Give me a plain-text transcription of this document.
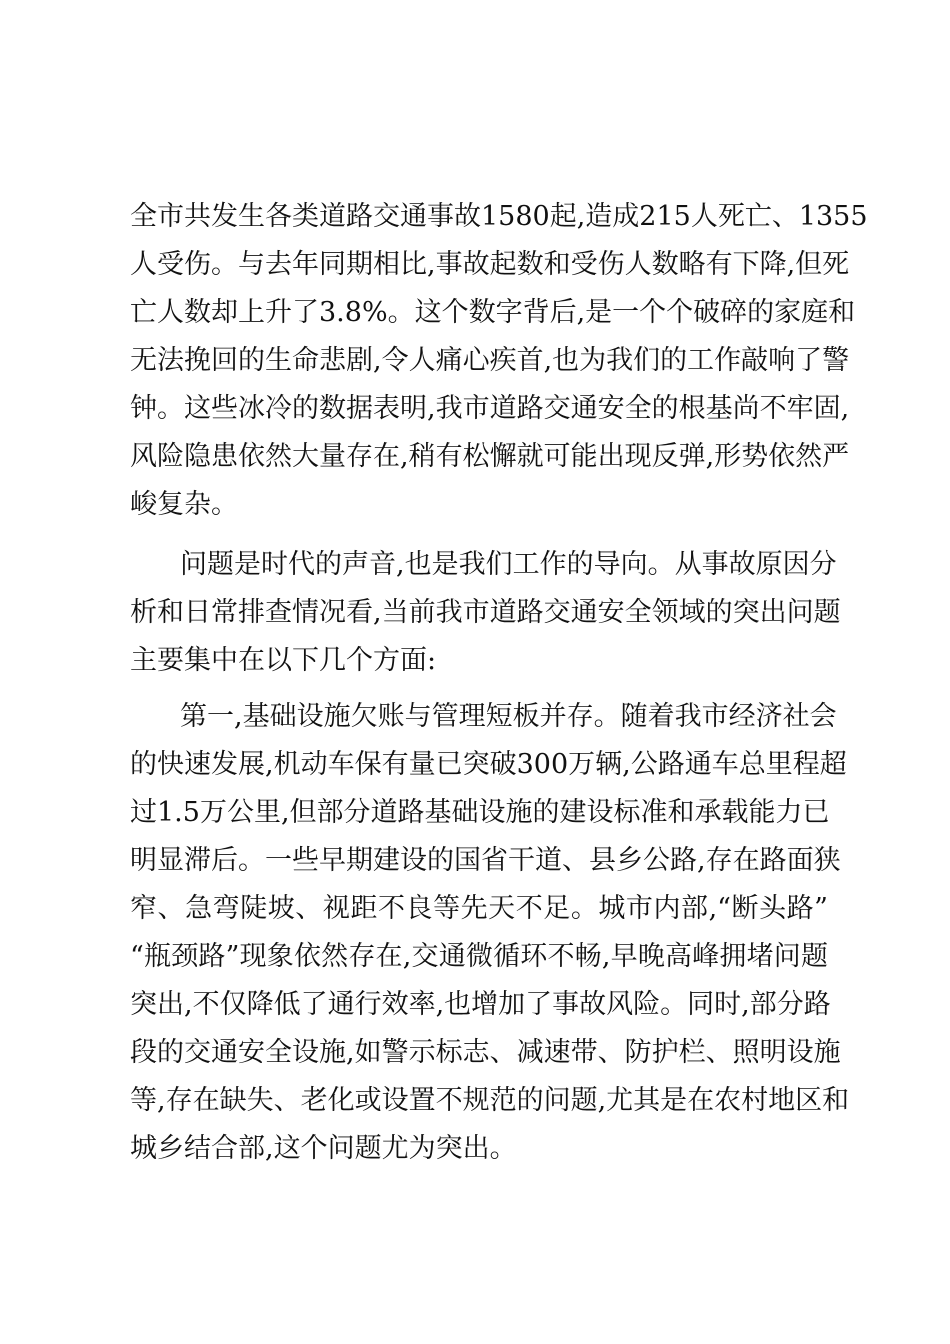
全市共发生各类道路交通事故1580起,造成215人死亡、1355
人受伤。与去年同期相比,事故起数和受伤人数略有下降,但死
亡人数却上升了3.8%。这个数字背后,是一个个破碎的家庭和
无法挽回的生命悲剧,令人痛心疾首,也为我们的工作敲响了警
钟。这些冰冷的数据表明,我市道路交通安全的根基尚不牢固,
风险隐患依然大量存在,稍有松懈就可能出现反弹,形势依然严
峻复杂。
问题是时代的声音,也是我们工作的导向。从事故原因分
析和日常排查情况看,当前我市道路交通安全领域的突出问题
主要集中在以下几个方面:
第一,基础设施欠账与管理短板并存。随着我市经济社会
的快速发展,机动车保有量已突破300万辆,公路通车总里程超
过1.5万公里,但部分道路基础设施的建设标准和承载能力已
明显滞后。一些早期建设的国省干道、县乡公路,存在路面狭
窄、急弯陡坡、视距不良等先天不足。城市内部,“断头路”
“瓶颈路”现象依然存在,交通微循环不畅,早晚高峰拥堵问题
突出,不仅降低了通行效率,也增加了事故风险。同时,部分路
段的交通安全设施,如警示标志、减速带、防护栏、照明设施
等,存在缺失、老化或设置不规范的问题,尤其是在农村地区和
城乡结合部,这个问题尤为突出。
